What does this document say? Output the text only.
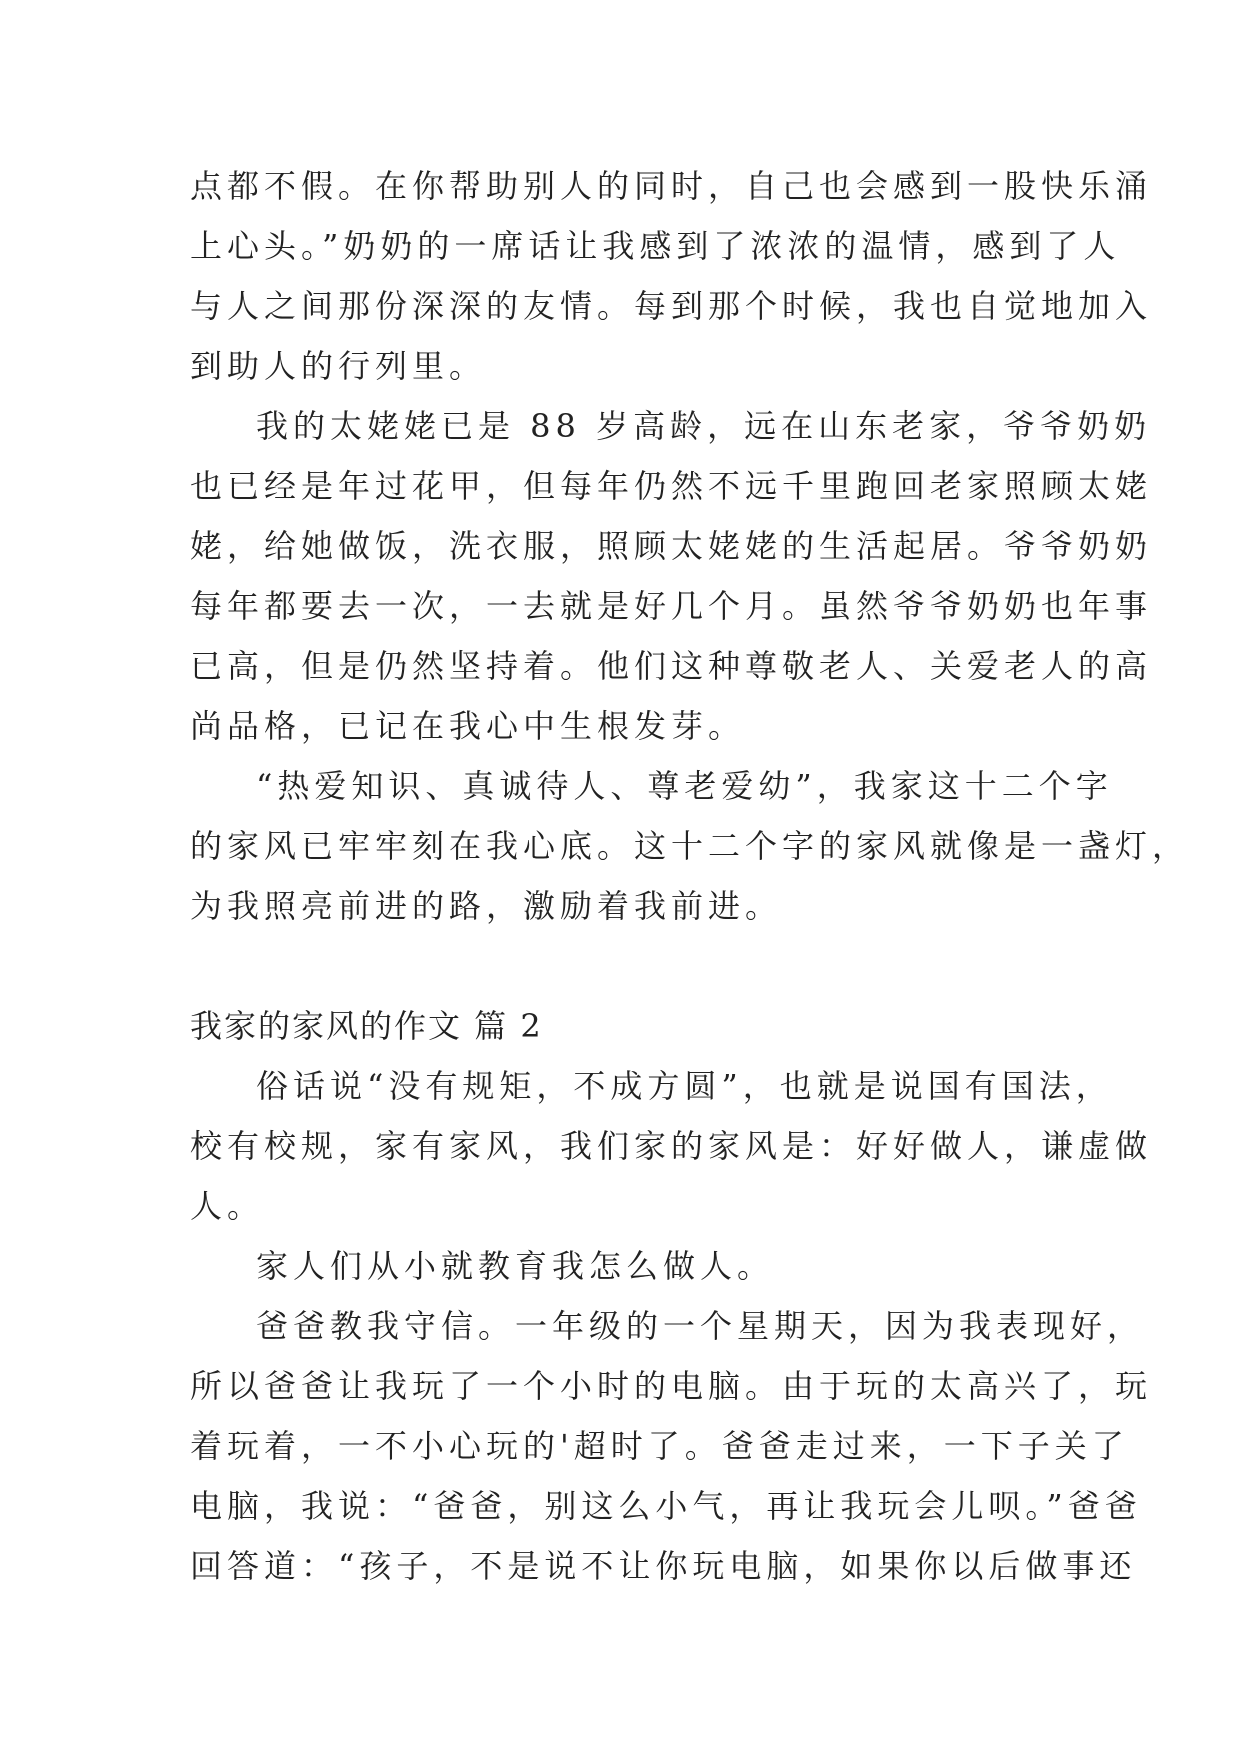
点都不假。在你帮助别人的同时，自己也会感到一股快乐涌
上心头。”奶奶的一席话让我感到了浓浓的温情，感到了人
与人之间那份深深的友情。每到那个时候，我也自觉地加入
到助人的行列里。
我的太姥姥已是 88 岁高龄，远在山东老家，爷爷奶奶
也已经是年过花甲，但每年仍然不远千里跑回老家照顾太姥
姥，给她做饭，洗衣服，照顾太姥姥的生活起居。爷爷奶奶
每年都要去一次，一去就是好几个月。虽然爷爷奶奶也年事
已高，但是仍然坚持着。他们这种尊敬老人、关爱老人的高
尚品格，已记在我心中生根发芽。
“热爱知识、真诚待人、尊老爱幼”，我家这十二个字
的家风已牢牢刻在我心底。这十二个字的家风就像是一盏灯，
为我照亮前进的路，激励着我前进。
我家的家风的作文 篇 2
俗话说“没有规矩，不成方圆”，也就是说国有国法，
校有校规，家有家风，我们家的家风是：好好做人，谦虚做
人。
家人们从小就教育我怎么做人。
爸爸教我守信。一年级的一个星期天，因为我表现好，
所以爸爸让我玩了一个小时的电脑。由于玩的太高兴了，玩
着玩着，一不小心玩的'超时了。爸爸走过来，一下子关了
电脑，我说：“爸爸，别这么小气，再让我玩会儿呗。”爸爸
回答道：“孩子，不是说不让你玩电脑，如果你以后做事还
